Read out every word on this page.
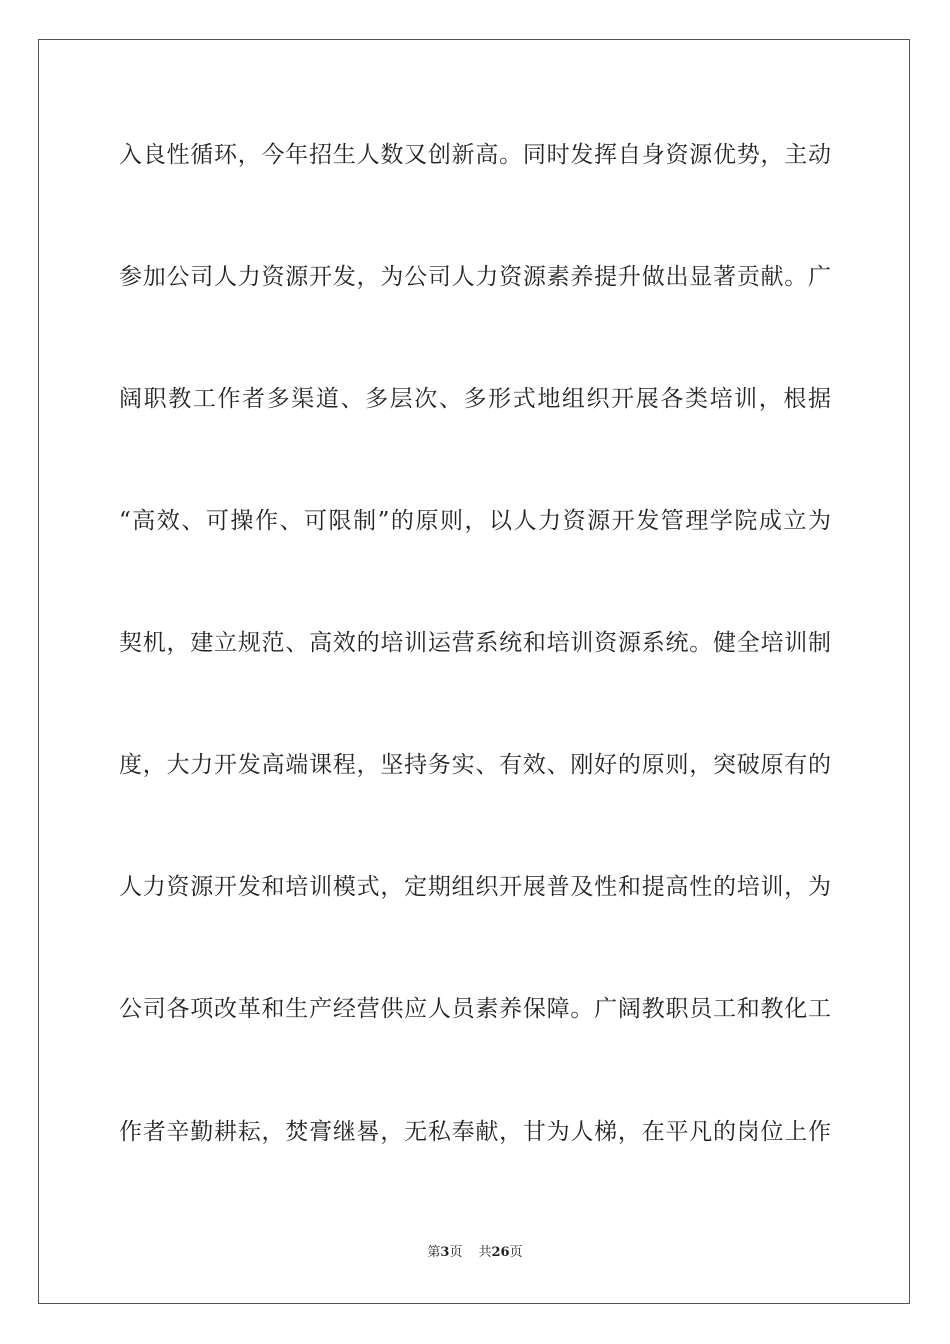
入良性循环，今年招生人数又创新高。同时发挥自身资源优势，主动
参加公司人力资源开发，为公司人力资源素养提升做出显著贡献。广
阔职教工作者多渠道、多层次、多形式地组织开展各类培训，根据
“高效、可操作、可限制”的原则，以人力资源开发管理学院成立为
契机，建立规范、高效的培训运营系统和培训资源系统。健全培训制
度，大力开发高端课程，坚持务实、有效、刚好的原则，突破原有的
人力资源开发和培训模式，定期组织开展普及性和提高性的培训，为
公司各项改革和生产经营供应人员素养保障。广阔教职员工和教化工
作者辛勤耕耘，焚膏继晷，无私奉献，甘为人梯，在平凡的岗位上作
第3页 共26页
